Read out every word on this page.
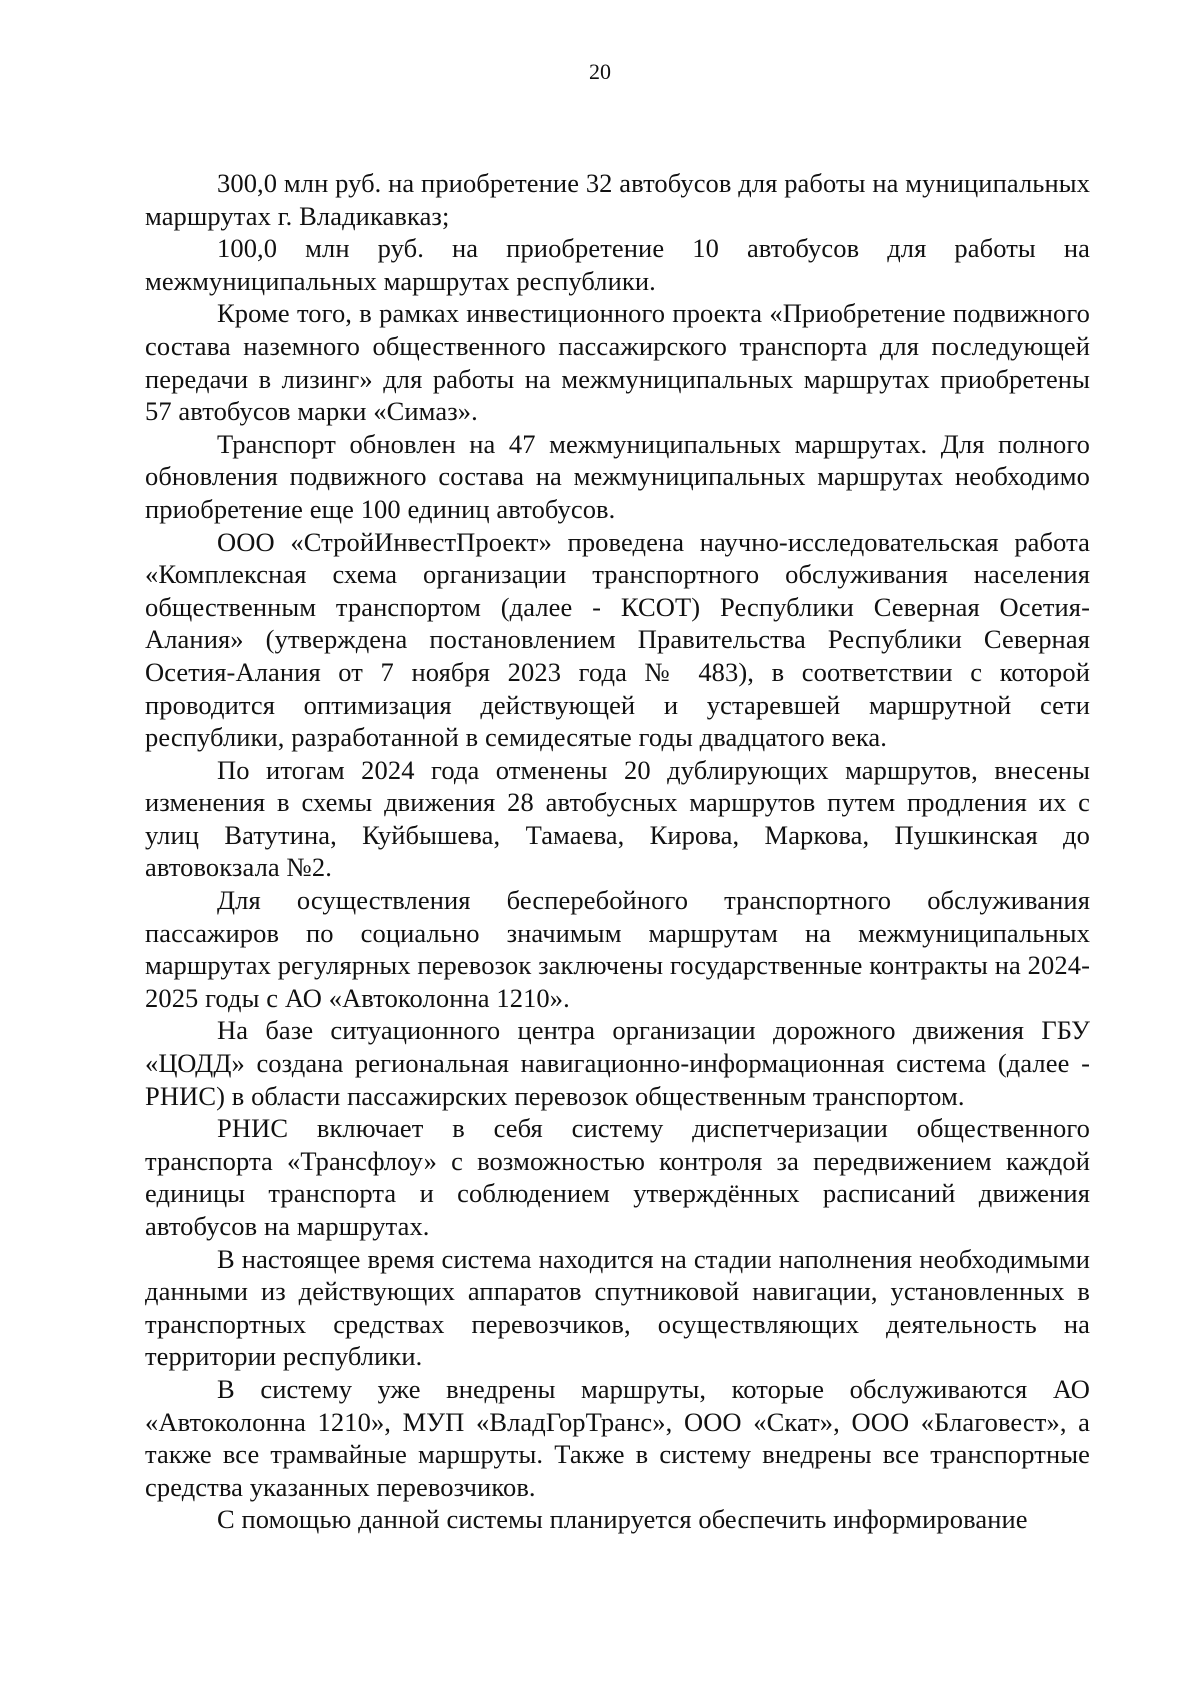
20

300,0 млн руб. на приобретение 32 автобусов для работы на муниципальных маршрутах г. Владикавказ;

100,0 млн руб. на приобретение 10 автобусов для работы на межмуниципальных маршрутах республики.

Кроме того, в рамках инвестиционного проекта «Приобретение подвижного состава наземного общественного пассажирского транспорта для последующей передачи в лизинг» для работы на межмуниципальных маршрутах приобретены 57 автобусов марки «Симаз».

Транспорт обновлен на 47 межмуниципальных маршрутах. Для полного обновления подвижного состава на межмуниципальных маршрутах необходимо приобретение еще 100 единиц автобусов.

ООО «СтройИнвестПроект» проведена научно-исследовательская работа «Комплексная схема организации транспортного обслуживания населения общественным транспортом (далее - КСОТ) Республики Северная Осетия-Алания» (утверждена постановлением Правительства Республики Северная Осетия-Алания от 7 ноября 2023 года № 483), в соответствии с которой проводится оптимизация действующей и устаревшей маршрутной сети республики, разработанной в семидесятые годы двадцатого века.

По итогам 2024 года отменены 20 дублирующих маршрутов, внесены изменения в схемы движения 28 автобусных маршрутов путем продления их с улиц Ватутина, Куйбышева, Тамаева, Кирова, Маркова, Пушкинская до автовокзала №2.

Для осуществления бесперебойного транспортного обслуживания пассажиров по социально значимым маршрутам на межмуниципальных маршрутах регулярных перевозок заключены государственные контракты на 2024-2025 годы с АО «Автоколонна 1210».

На базе ситуационного центра организации дорожного движения ГБУ «ЦОДД» создана региональная навигационно-информационная система (далее - РНИС) в области пассажирских перевозок общественным транспортом.

РНИС включает в себя систему диспетчеризации общественного транспорта «Трансфлоу» с возможностью контроля за передвижением каждой единицы транспорта и соблюдением утверждённых расписаний движения автобусов на маршрутах.

В настоящее время система находится на стадии наполнения необходимыми данными из действующих аппаратов спутниковой навигации, установленных в транспортных средствах перевозчиков, осуществляющих деятельность на территории республики.

В систему уже внедрены маршруты, которые обслуживаются АО «Автоколонна 1210», МУП «ВладГорТранс», ООО «Скат», ООО «Благовест», а также все трамвайные маршруты. Также в систему внедрены все транспортные средства указанных перевозчиков.

С помощью данной системы планируется обеспечить информирование
